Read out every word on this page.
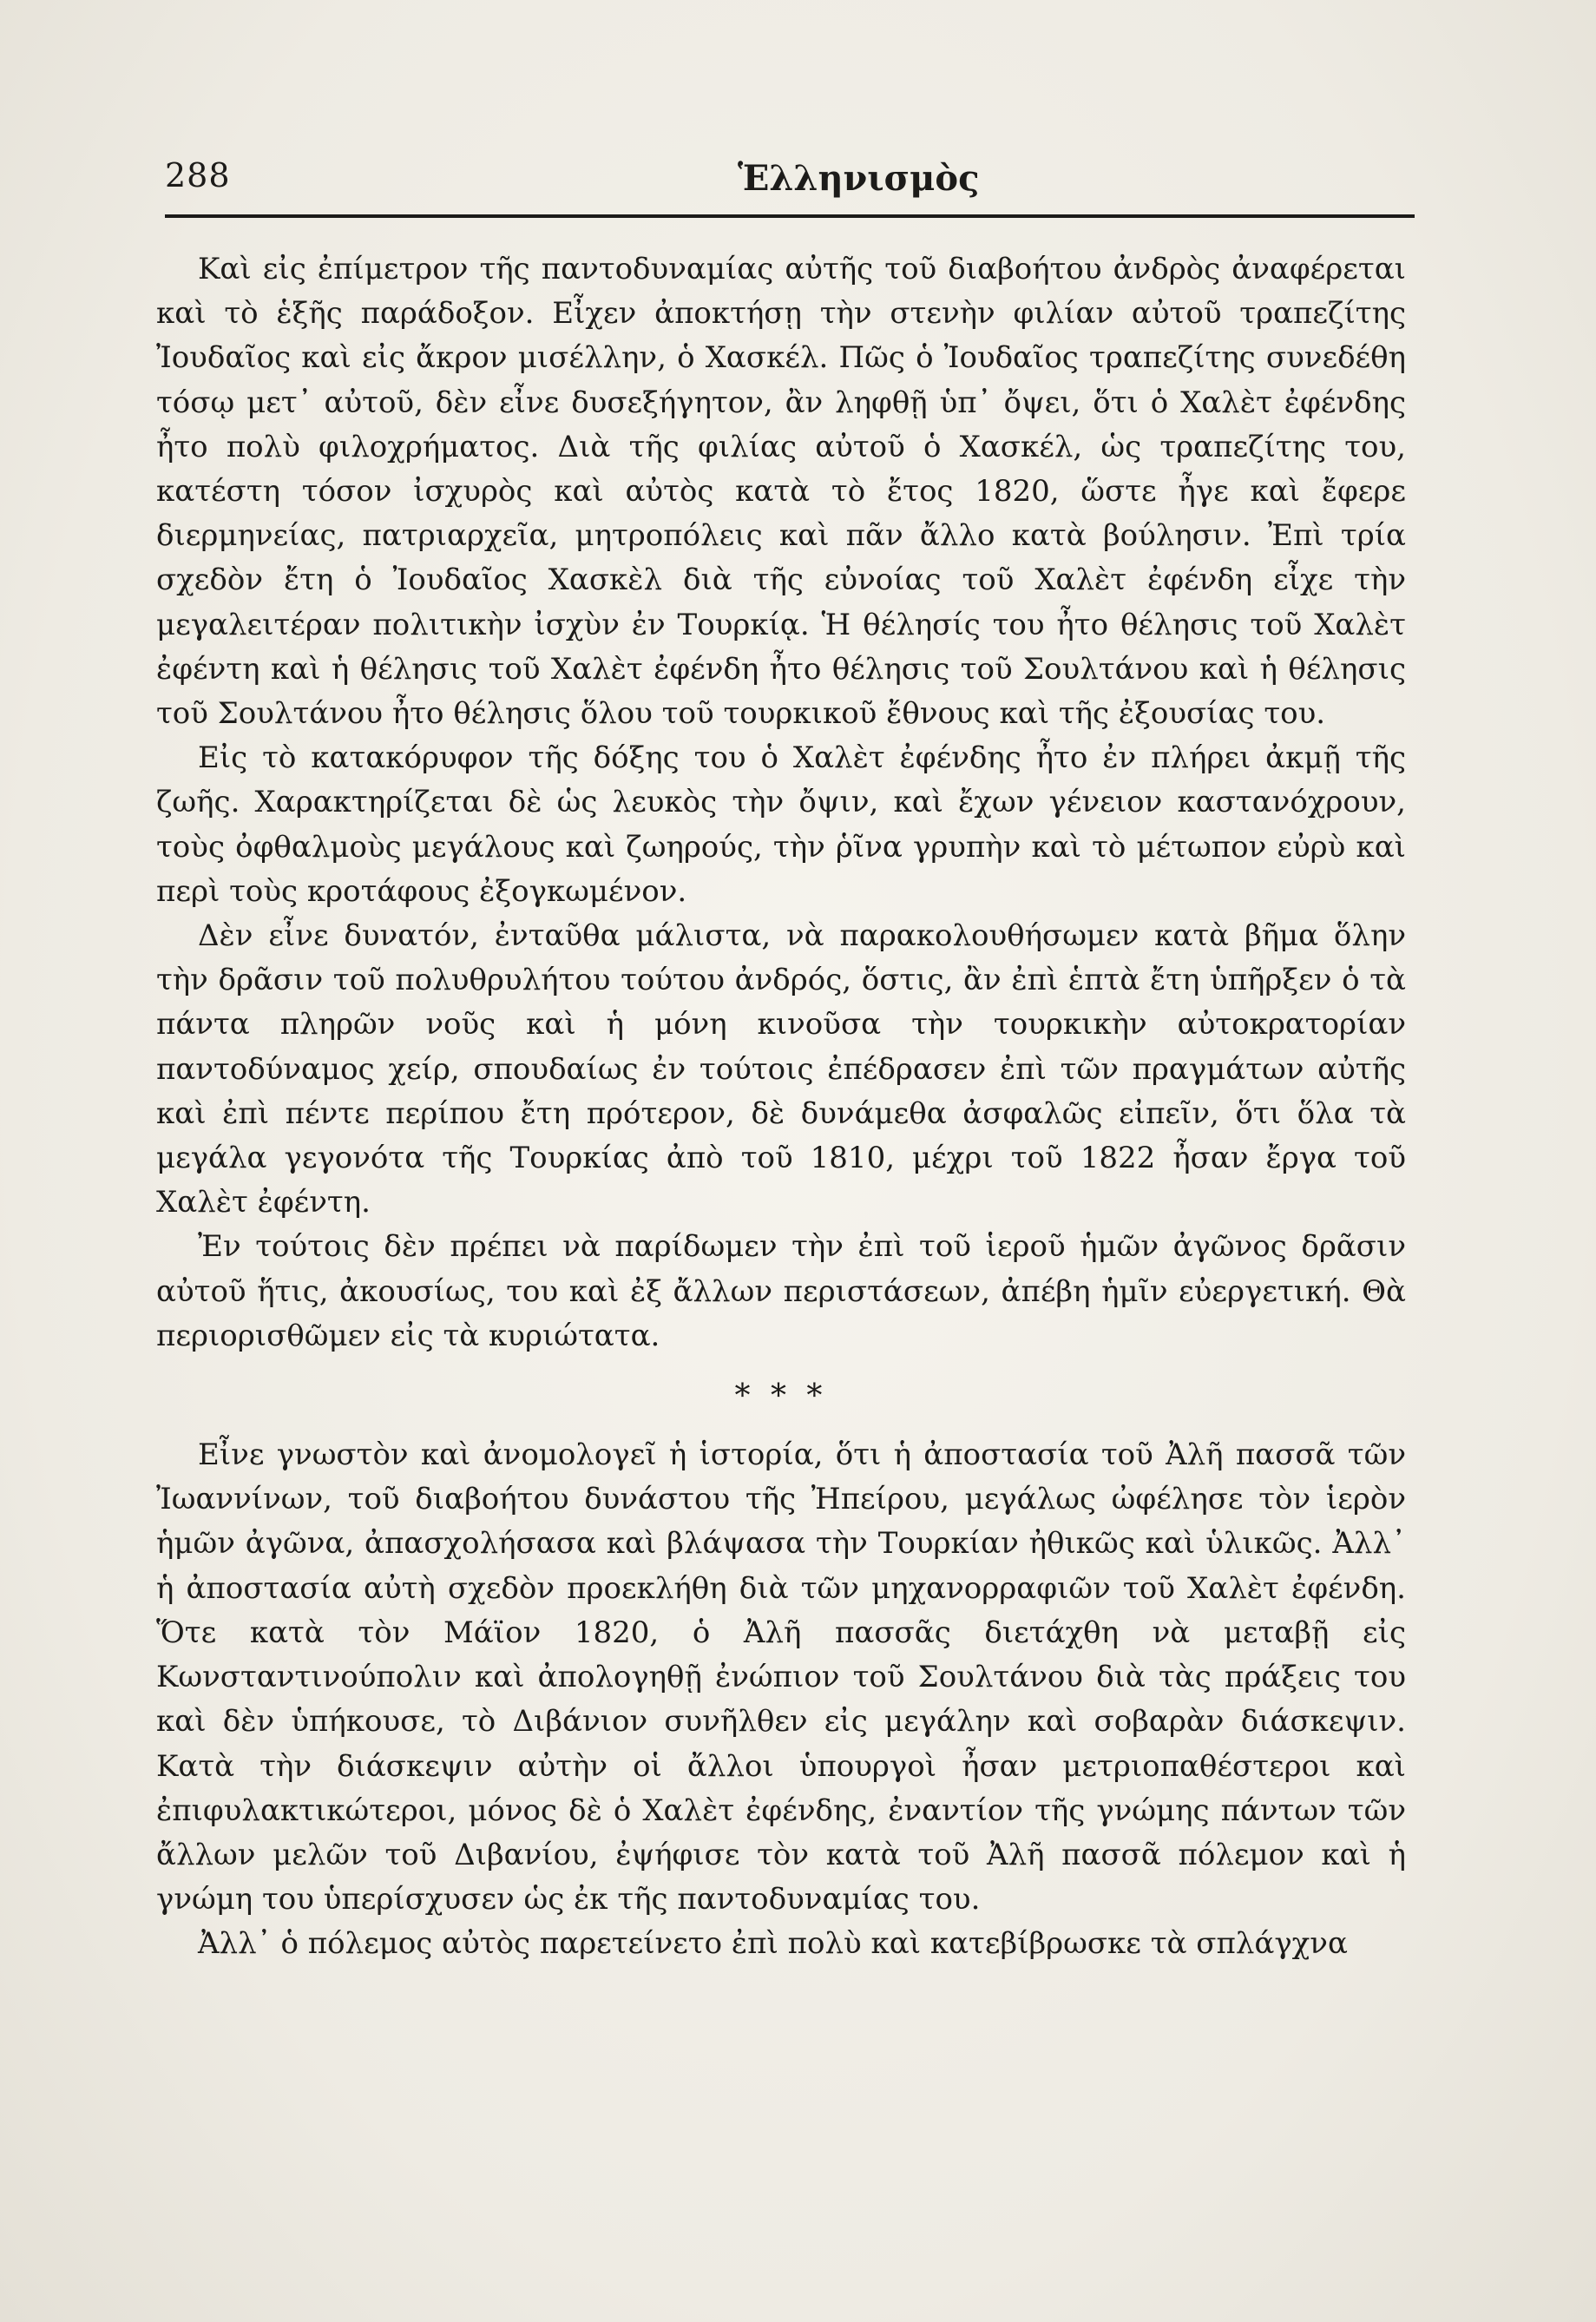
288	Ἑλληνισμὸς

Καὶ εἰς ἐπίμετρον τῆς παντοδυναμίας αὐτῆς τοῦ διαβοήτου ἀνδρὸς ἀναφέρεται καὶ τὸ ἑξῆς παράδοξον. Εἶχεν ἀποκτήσῃ τὴν στενὴν φιλίαν αὐτοῦ τραπεζίτης Ἰουδαῖος καὶ εἰς ἄκρον μισέλλην, ὁ Χασκέλ. Πῶς ὁ Ἰουδαῖος τραπεζίτης συνεδέθη τόσῳ μετ᾽ αὐτοῦ, δὲν εἶνε δυσεξήγητον, ἂν ληφθῇ ὑπ᾽ ὄψει, ὅτι ὁ Χαλὲτ ἐφένδης ἦτο πολὺ φιλοχρήματος. Διὰ τῆς φιλίας αὐτοῦ ὁ Χασκέλ, ὡς τραπεζίτης του, κατέστη τόσον ἰσχυρὸς καὶ αὐτὸς κατὰ τὸ ἔτος 1820, ὥστε ἦγε καὶ ἔφερε διερμηνείας, πατριαρχεῖα, μητροπόλεις καὶ πᾶν ἄλλο κατὰ βούλησιν. Ἐπὶ τρία σχεδὸν ἔτη ὁ Ἰουδαῖος Χασκὲλ διὰ τῆς εὐνοίας τοῦ Χαλὲτ ἐφένδη εἶχε τὴν μεγαλειτέραν πολιτικὴν ἰσχὺν ἐν Τουρκίᾳ. Ἡ θέλησίς του ἦτο θέλησις τοῦ Χαλὲτ ἐφέντη καὶ ἡ θέλησις τοῦ Χαλὲτ ἐφένδη ἦτο θέλησις τοῦ Σουλτάνου καὶ ἡ θέλησις τοῦ Σουλτάνου ἦτο θέλησις ὅλου τοῦ τουρκικοῦ ἔθνους καὶ τῆς ἐξουσίας του.

Εἰς τὸ κατακόρυφον τῆς δόξης του ὁ Χαλὲτ ἐφένδης ἦτο ἐν πλήρει ἀκμῇ τῆς ζωῆς. Χαρακτηρίζεται δὲ ὡς λευκὸς τὴν ὄψιν, καὶ ἔχων γένειον καστανόχρουν, τοὺς ὀφθαλμοὺς μεγάλους καὶ ζωηρούς, τὴν ῥῖνα γρυπὴν καὶ τὸ μέτωπον εὐρὺ καὶ περὶ τοὺς κροτάφους ἐξογκωμένον.

Δὲν εἶνε δυνατόν, ἐνταῦθα μάλιστα, νὰ παρακολουθήσωμεν κατὰ βῆμα ὅλην τὴν δρᾶσιν τοῦ πολυθρυλήτου τούτου ἀνδρός, ὅστις, ἂν ἐπὶ ἑπτὰ ἔτη ὑπῆρξεν ὁ τὰ πάντα πληρῶν νοῦς καὶ ἡ μόνη κινοῦσα τὴν τουρκικὴν αὐτοκρατορίαν παντοδύναμος χείρ, σπουδαίως ἐν τούτοις ἐπέδρασεν ἐπὶ τῶν πραγμάτων αὐτῆς καὶ ἐπὶ πέντε περίπου ἔτη πρότερον, δὲ δυνάμεθα ἀσφαλῶς εἰπεῖν, ὅτι ὅλα τὰ μεγάλα γεγονότα τῆς Τουρκίας ἀπὸ τοῦ 1810, μέχρι τοῦ 1822 ἦσαν ἔργα τοῦ Χαλὲτ ἐφέντη.

Ἐν τούτοις δὲν πρέπει νὰ παρίδωμεν τὴν ἐπὶ τοῦ ἱεροῦ ἡμῶν ἀγῶνος δρᾶσιν αὐτοῦ ἥτις, ἀκουσίως, του καὶ ἐξ ἄλλων περιστάσεων, ἀπέβη ἡμῖν εὐεργετική. Θὰ περιορισθῶμεν εἰς τὰ κυριώτατα.

* * *

Εἶνε γνωστὸν καὶ ἀνομολογεῖ ἡ ἱστορία, ὅτι ἡ ἀποστασία τοῦ Ἀλῆ πασσᾶ τῶν Ἰωαννίνων, τοῦ διαβοήτου δυνάστου τῆς Ἠπείρου, μεγάλως ὠφέλησε τὸν ἱερὸν ἡμῶν ἀγῶνα, ἀπασχολήσασα καὶ βλάψασα τὴν Τουρκίαν ἠθικῶς καὶ ὑλικῶς. Ἀλλ᾽ ἡ ἀποστασία αὐτὴ σχεδὸν προεκλήθη διὰ τῶν μηχανορραφιῶν τοῦ Χαλὲτ ἐφένδη. Ὅτε κατὰ τὸν Μάϊον 1820, ὁ Ἀλῆ πασσᾶς διετάχθη νὰ μεταβῇ εἰς Κωνσταντινούπολιν καὶ ἀπολογηθῇ ἐνώπιον τοῦ Σουλτάνου διὰ τὰς πράξεις του καὶ δὲν ὑπήκουσε, τὸ Διβάνιον συνῆλθεν εἰς μεγάλην καὶ σοβαρὰν διάσκεψιν. Κατὰ τὴν διάσκεψιν αὐτὴν οἱ ἄλλοι ὑπουργοὶ ἦσαν μετριοπαθέστεροι καὶ ἐπιφυλακτικώτεροι, μόνος δὲ ὁ Χαλὲτ ἐφένδης, ἐναντίον τῆς γνώμης πάντων τῶν ἄλλων μελῶν τοῦ Διβανίου, ἐψήφισε τὸν κατὰ τοῦ Ἀλῆ πασσᾶ πόλεμον καὶ ἡ γνώμη του ὑπερίσχυσεν ὡς ἐκ τῆς παντοδυναμίας του.

Ἀλλ᾽ ὁ πόλεμος αὐτὸς παρετείνετο ἐπὶ πολὺ καὶ κατεβίβρωσκε τὰ σπλάγχνα
